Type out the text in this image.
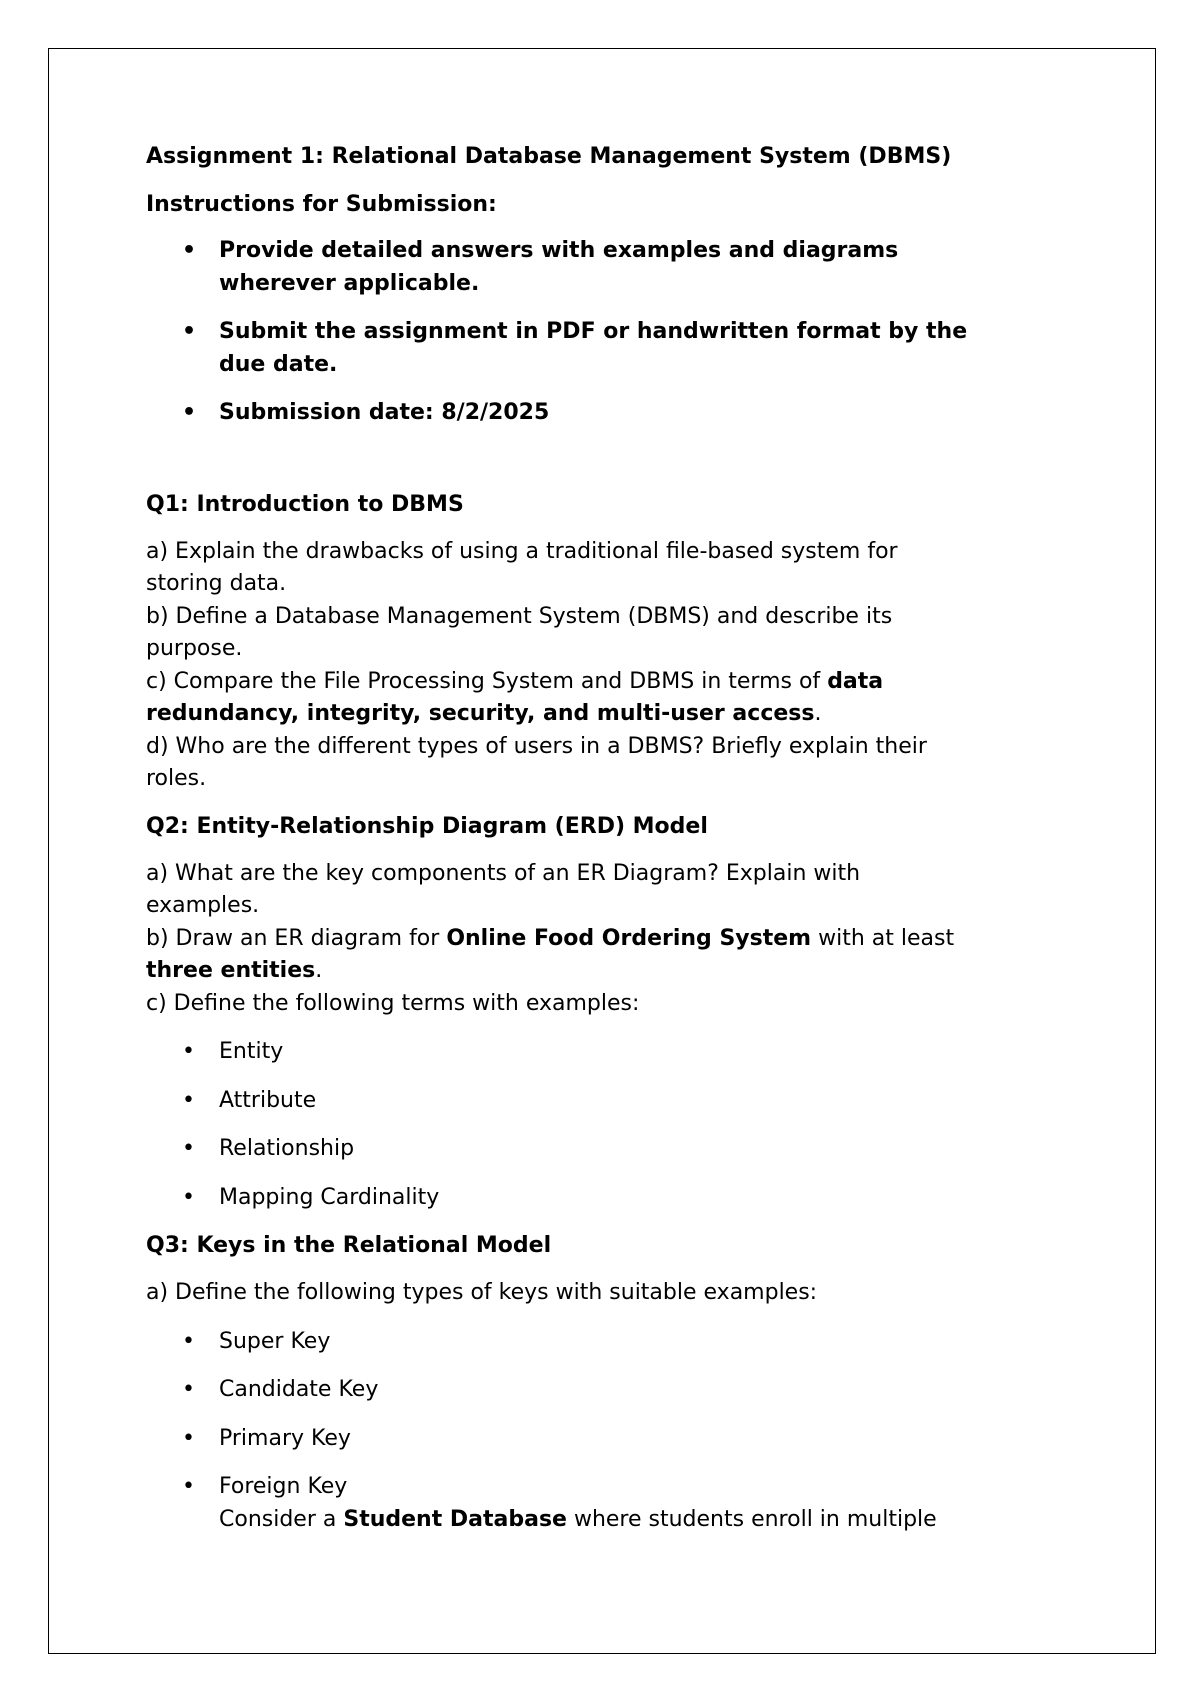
Assignment 1: Relational Database Management System (DBMS)

Instructions for Submission:

• Provide detailed answers with examples and diagrams
wherever applicable.
• Submit the assignment in PDF or handwritten format by the
due date.
• Submission date: 8/2/2025

Q1: Introduction to DBMS

a) Explain the drawbacks of using a traditional file-based system for

storing data.

b) Define a Database Management System (DBMS) and describe its

purpose.

c) Compare the File Processing System and DBMS in terms of data

redundancy, integrity, security, and multi-user access.

d) Who are the different types of users in a DBMS? Briefly explain their

roles.

Q2: Entity-Relationship Diagram (ERD) Model

a) What are the key components of an ER Diagram? Explain with

examples.

b) Draw an ER diagram for Online Food Ordering System with at least

three entities.

c) Define the following terms with examples:

• Entity
• Attribute
• Relationship
• Mapping Cardinality

Q3: Keys in the Relational Model

a) Define the following types of keys with suitable examples:

• Super Key
• Candidate Key
• Primary Key
• Foreign Key
Consider a Student Database where students enroll in multiple
